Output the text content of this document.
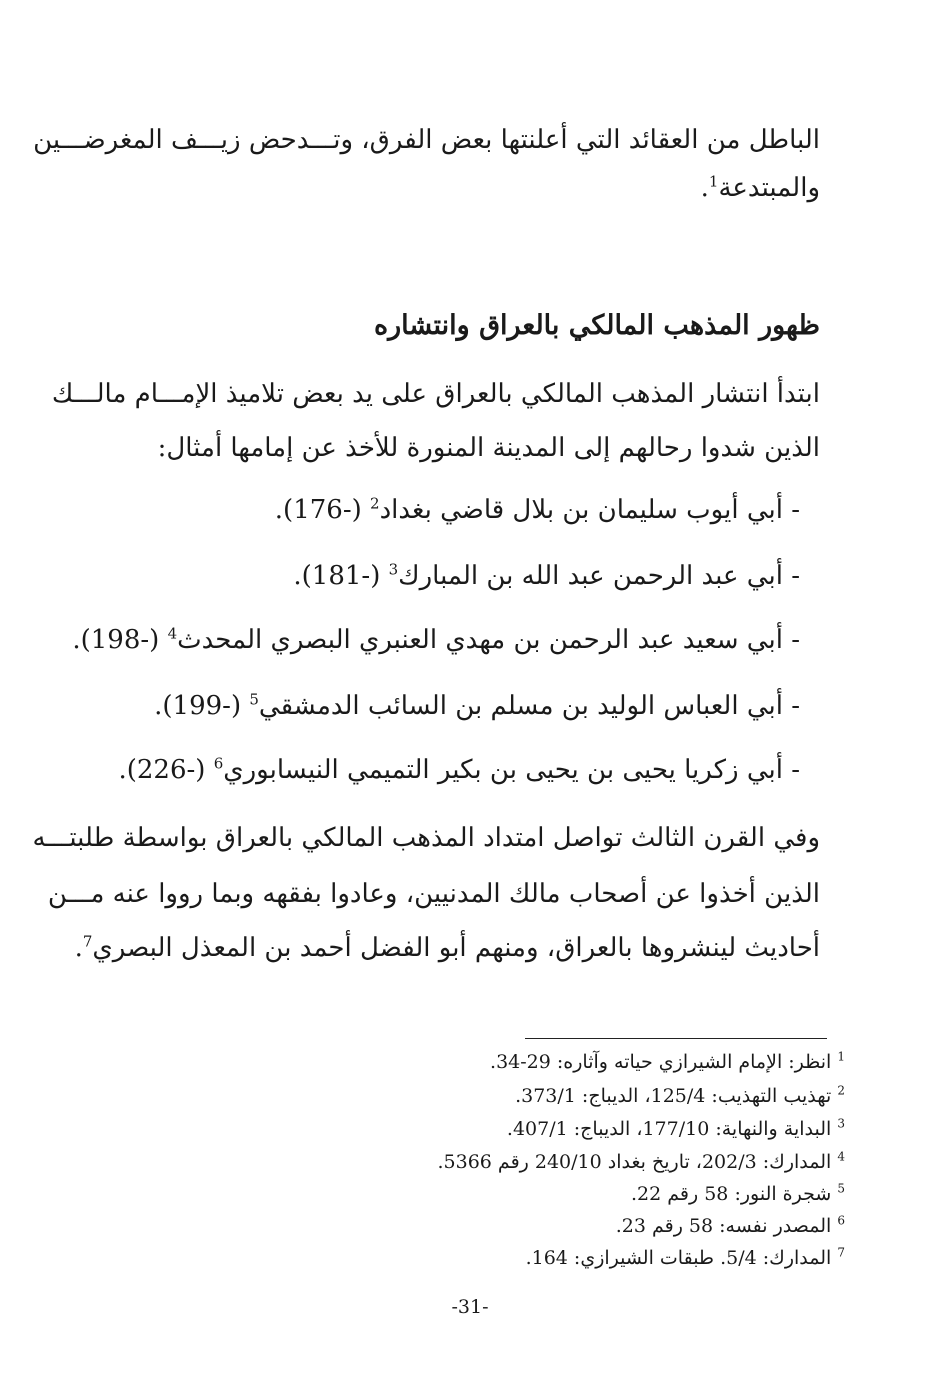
الباطل من العقائد التي أعلنتها بعض الفرق، وتـــدحض زيـــف المغرضـــين
والمبتدعة$^1$.
ظهور المذهب المالكي بالعراق وانتشاره
ابتدأ انتشار المذهب المالكي بالعراق على يد بعض تلاميذ الإمـــام مالـــك
الذين شدوا رحالهم إلى المدينة المنورة للأخذ عن إمامها أمثال:
- أبي أيوب سليمان بن بلال قاضي بغداد$^2$ (-176).
- أبي عبد الرحمن عبد الله بن المبارك$^3$ (-181).
- أبي سعيد عبد الرحمن بن مهدي العنبري البصري المحدث$^4$ (-198).
- أبي العباس الوليد بن مسلم بن السائب الدمشقي$^5$ (-199).
- أبي زكريا يحيى بن يحيى بن بكير التميمي النيسابوري$^6$ (-226).
وفي القرن الثالث تواصل امتداد المذهب المالكي بالعراق بواسطة طلبتـــه
الذين أخذوا عن أصحاب مالك المدنيين، وعادوا بفقهه وبما رووا عنه مـــن
أحاديث لينشروها بالعراق، ومنهم أبو الفضل أحمد بن المعذل البصري$^7$.
$^1$ انظر: الإمام الشيرازي حياته وآثاره: 29-34.
$^2$ تهذيب التهذيب: 125/4، الديباج: 373/1.
$^3$ البداية والنهاية: 177/10، الديباج: 407/1.
$^4$ المدارك: 202/3، تاريخ بغداد 240/10 رقم 5366.
$^5$ شجرة النور: 58 رقم 22.
$^6$ المصدر نفسه: 58 رقم 23.
$^7$ المدارك: 5/4. طبقات الشيرازي: 164.
-31-
